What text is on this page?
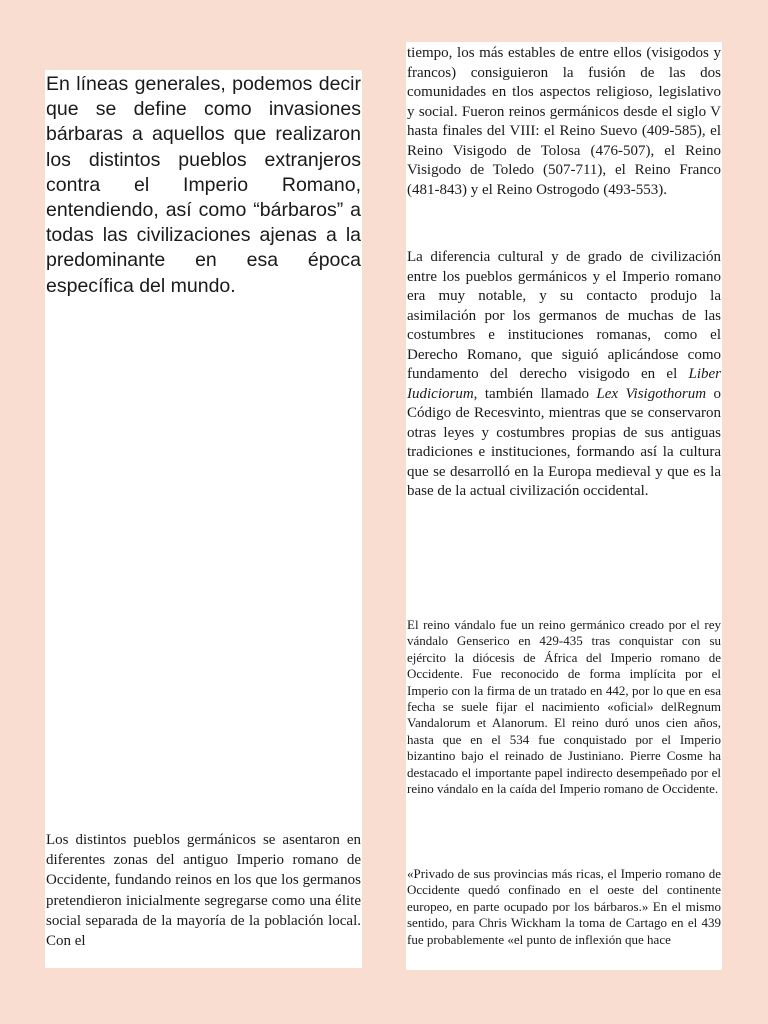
En líneas generales, podemos decir que se define como invasiones bárbaras a aquellos que realizaron los distintos pueblos extranjeros contra el Imperio Romano, entendiendo, así como “bárbaros” a todas las civilizaciones ajenas a la predominante en esa época específica del mundo.

Los distintos pueblos germánicos se asentaron en diferentes zonas del antiguo Imperio romano de Occidente, fundando reinos en los que los germanos pretendieron inicialmente segregarse como una élite social separada de la mayoría de la población local. Con el

tiempo, los más estables de entre ellos (visigodos y francos) consiguieron la fusión de las dos comunidades en tlos aspectos religioso, legislativo y social. Fueron reinos germánicos desde el siglo V hasta finales del VIII: el Reino Suevo (409-585), el Reino Visigodo de Tolosa (476-507), el Reino Visigodo de Toledo (507-711), el Reino Franco (481-843) y el Reino Ostrogodo (493-553).

La diferencia cultural y de grado de civilización entre los pueblos germánicos y el Imperio romano era muy notable, y su contacto produjo la asimilación por los germanos de muchas de las costumbres e instituciones romanas, como el Derecho Romano, que siguió aplicándose como fundamento del derecho visigodo en el Liber Iudiciorum, también llamado Lex Visigothorum o Código de Recesvinto, mientras que se conservaron otras leyes y costumbres propias de sus antiguas tradiciones e instituciones, formando así la cultura que se desarrolló en la Europa medieval y que es la base de la actual civilización occidental.

El reino vándalo fue un reino germánico creado por el rey vándalo Genserico en 429-435 tras conquistar con su ejército la diócesis de África del Imperio romano de Occidente. Fue reconocido de forma implícita por el Imperio con la firma de un tratado en 442, por lo que en esa fecha se suele fijar el nacimiento «oficial» delRegnum Vandalorum et Alanorum. El reino duró unos cien años, hasta que en el 534 fue conquistado por el Imperio bizantino bajo el reinado de Justiniano. Pierre Cosme ha destacado el importante papel indirecto desempeñado por el reino vándalo en la caída del Imperio romano de Occidente.

«Privado de sus provincias más ricas, el Imperio romano de Occidente quedó confinado en el oeste del continente europeo, en parte ocupado por los bárbaros.» En el mismo sentido, para Chris Wickham la toma de Cartago en el 439 fue probablemente «el punto de inflexión que hace
